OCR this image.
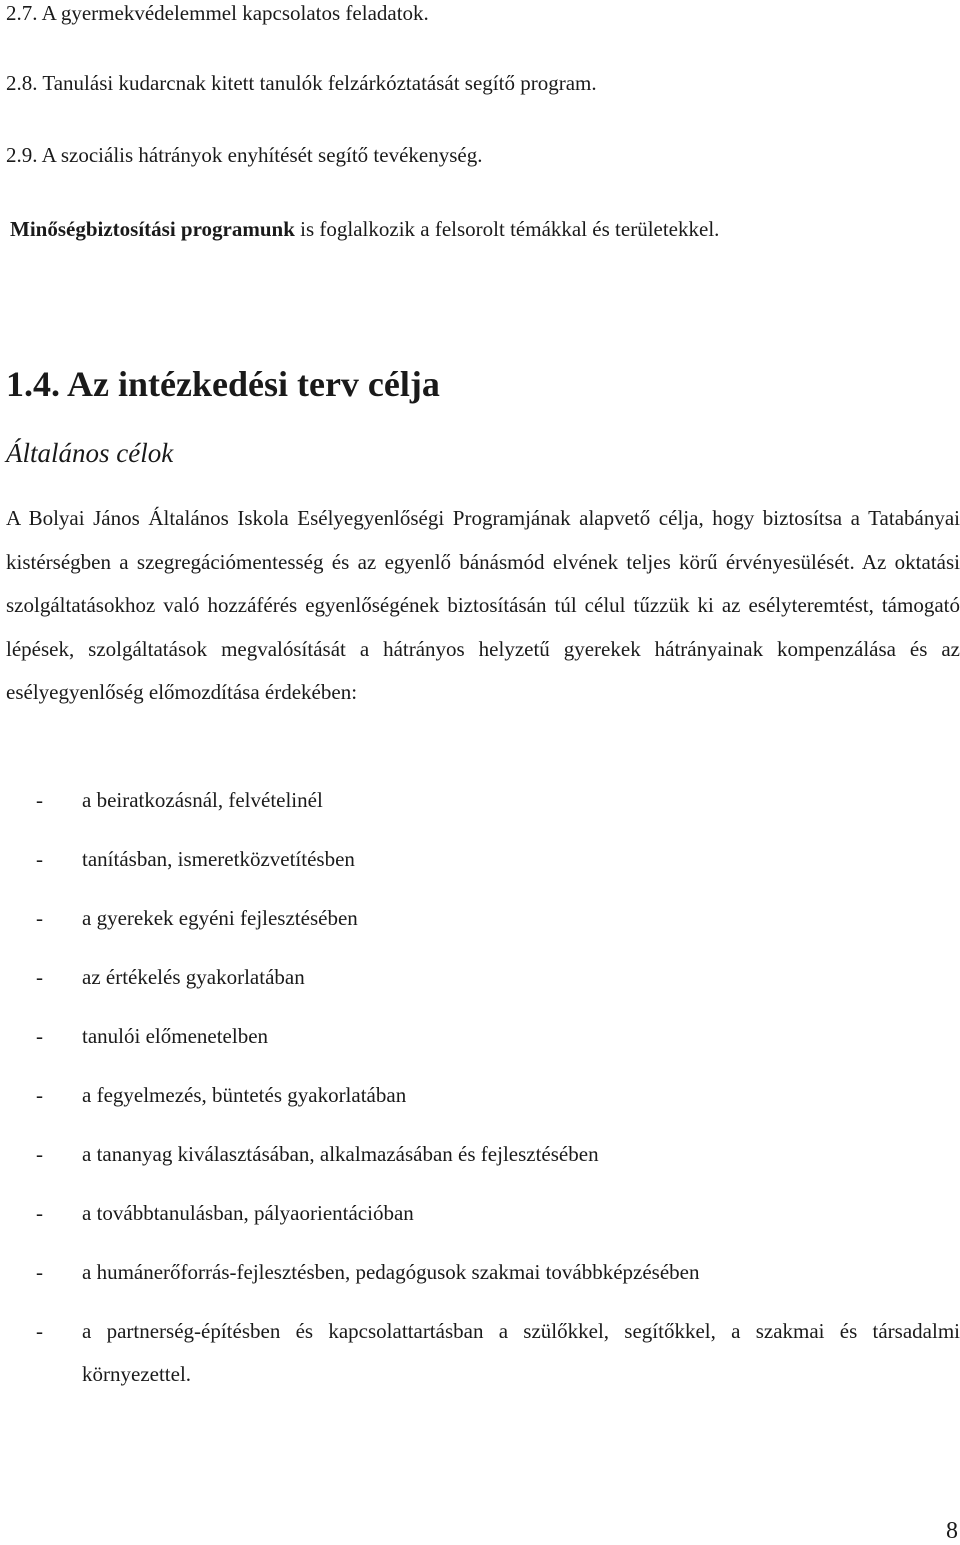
2.7. A gyermekvédelemmel kapcsolatos feladatok.
2.8. Tanulási kudarcnak kitett tanulók felzárkóztatását segítő program.
2.9. A szociális hátrányok enyhítését segítő tevékenység.
Minőségbiztosítási programunk is foglalkozik a felsorolt témákkal és területekkel.
1.4. Az intézkedési terv célja
Általános célok
A Bolyai János Általános Iskola Esélyegyenlőségi Programjának alapvető célja, hogy biztosítsa a Tatabányai kistérségben a szegregációmentesség és az egyenlő bánásmód elvének teljes körű érvényesülését. Az oktatási szolgáltatásokhoz való hozzáférés egyenlőségének biztosításán túl célul tűzzük ki az esélyteremtést, támogató lépések, szolgáltatások megvalósítását a hátrányos helyzetű gyerekek hátrányainak kompenzálása és az esélyegyenlőség előmozdítása érdekében:
- a beiratkozásnál, felvételinél
- tanításban, ismeretközvetítésben
- a gyerekek egyéni fejlesztésében
- az értékelés gyakorlatában
- tanulói előmenetelben
- a fegyelmezés, büntetés gyakorlatában
- a tananyag kiválasztásában, alkalmazásában és fejlesztésében
- a továbbtanulásban, pályaorientációban
- a humánerőforrás-fejlesztésben, pedagógusok szakmai továbbképzésében
- a partnerség-építésben és kapcsolattartásban a szülőkkel, segítőkkel, a szakmai és társadalmi környezettel.
8
